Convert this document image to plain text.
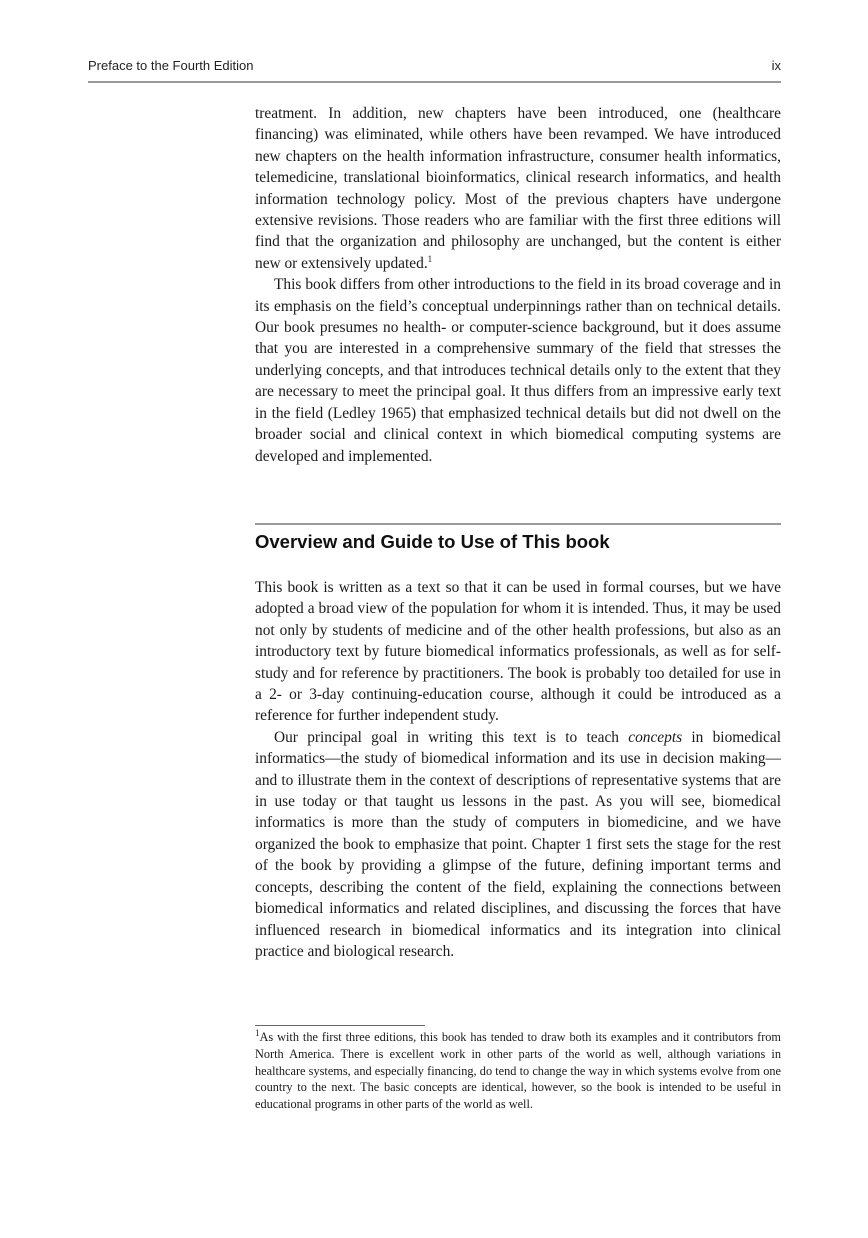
Preface to the Fourth Edition	ix

treatment. In addition, new chapters have been introduced, one (healthcare financing) was eliminated, while others have been revamped. We have introduced new chapters on the health information infrastructure, consumer health informatics, telemedicine, translational bioinformatics, clinical research informatics, and health information technology policy. Most of the previous chapters have undergone extensive revisions. Those readers who are familiar with the first three editions will find that the organization and philosophy are unchanged, but the content is either new or extensively updated.$^1$

This book differs from other introductions to the field in its broad coverage and in its emphasis on the field’s conceptual underpinnings rather than on technical details. Our book presumes no health- or computer-science background, but it does assume that you are interested in a comprehensive summary of the field that stresses the underlying concepts, and that introduces technical details only to the extent that they are necessary to meet the principal goal. It thus differs from an impressive early text in the field (Ledley 1965) that emphasized technical details but did not dwell on the broader social and clinical context in which biomedical computing systems are developed and implemented.

Overview and Guide to Use of This book

This book is written as a text so that it can be used in formal courses, but we have adopted a broad view of the population for whom it is intended. Thus, it may be used not only by students of medicine and of the other health professions, but also as an introductory text by future biomedical informatics professionals, as well as for self-study and for reference by practitioners. The book is probably too detailed for use in a 2- or 3-day continuing-education course, although it could be introduced as a reference for further independent study.

Our principal goal in writing this text is to teach concepts in biomedical informatics—the study of biomedical information and its use in decision making—and to illustrate them in the context of descriptions of representative systems that are in use today or that taught us lessons in the past. As you will see, biomedical informatics is more than the study of computers in biomedicine, and we have organized the book to emphasize that point. Chapter 1 first sets the stage for the rest of the book by providing a glimpse of the future, defining important terms and concepts, describing the content of the field, explaining the connections between biomedical informatics and related disciplines, and discussing the forces that have influenced research in biomedical informatics and its integration into clinical practice and biological research.

$^1$As with the first three editions, this book has tended to draw both its examples and it contributors from North America. There is excellent work in other parts of the world as well, although variations in healthcare systems, and especially financing, do tend to change the way in which systems evolve from one country to the next. The basic concepts are identical, however, so the book is intended to be useful in educational programs in other parts of the world as well.
